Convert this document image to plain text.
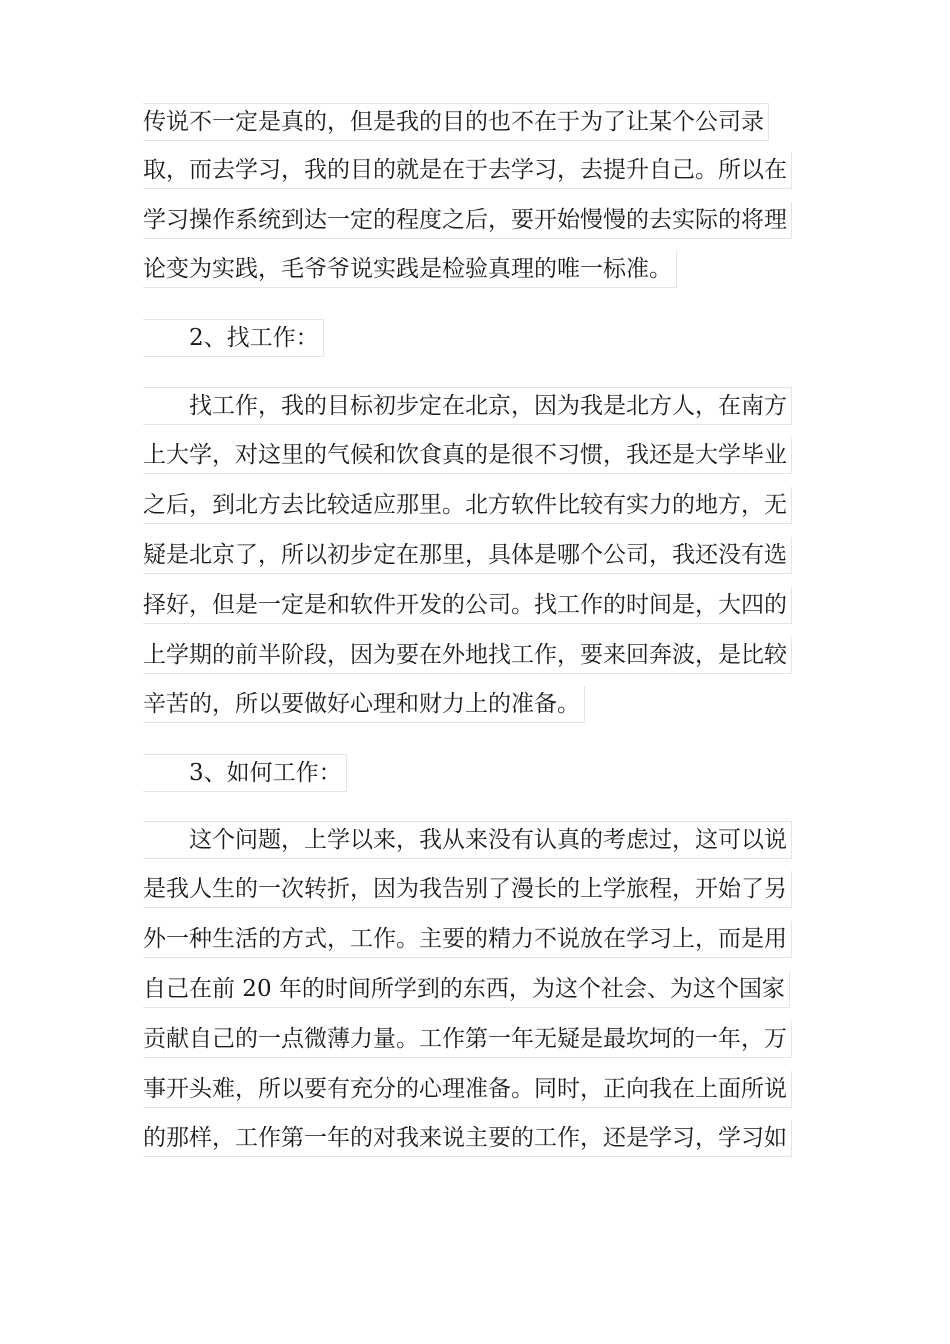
传说不一定是真的，但是我的目的也不在于为了让某个公司录
取，而去学习，我的目的就是在于去学习，去提升自己。所以在
学习操作系统到达一定的程度之后，要开始慢慢的去实际的将理
论变为实践，毛爷爷说实践是检验真理的唯一标准。
2、找工作：
找工作，我的目标初步定在北京，因为我是北方人，在南方
上大学，对这里的气候和饮食真的是很不习惯，我还是大学毕业
之后，到北方去比较适应那里。北方软件比较有实力的地方，无
疑是北京了，所以初步定在那里，具体是哪个公司，我还没有选
择好，但是一定是和软件开发的公司。找工作的时间是，大四的
上学期的前半阶段，因为要在外地找工作，要来回奔波，是比较
辛苦的，所以要做好心理和财力上的准备。
3、如何工作：
这个问题，上学以来，我从来没有认真的考虑过，这可以说
是我人生的一次转折，因为我告别了漫长的上学旅程，开始了另
外一种生活的方式，工作。主要的精力不说放在学习上，而是用
自己在前 20 年的时间所学到的东西，为这个社会、为这个国家
贡献自己的一点微薄力量。工作第一年无疑是最坎坷的一年，万
事开头难，所以要有充分的心理准备。同时，正向我在上面所说
的那样，工作第一年的对我来说主要的工作，还是学习，学习如
